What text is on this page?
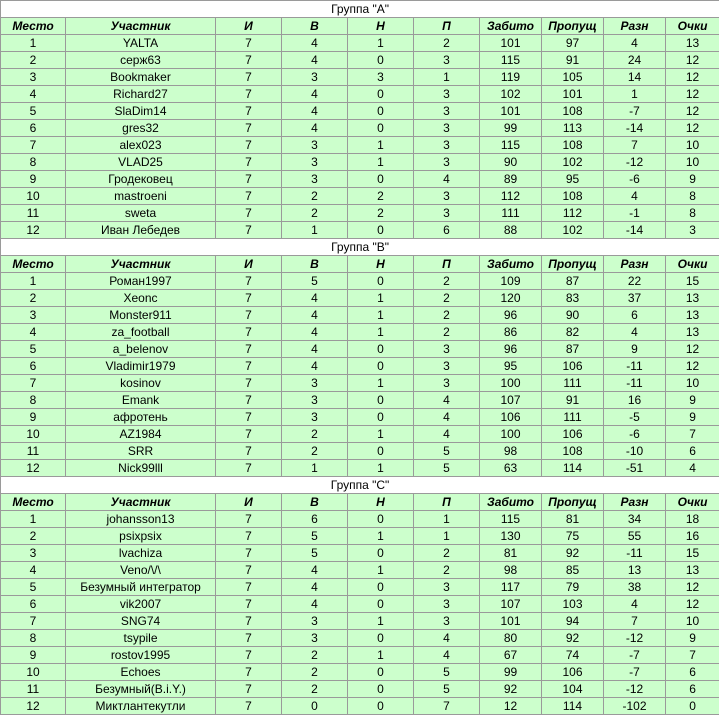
Группа "A"									
Место	Участник	И	В	Н	П	Забито	Пропущ	Разн	Очки
1	YALTA	7	4	1	2	101	97	4	13
2	серж63	7	4	0	3	115	91	24	12
3	Bookmaker	7	3	3	1	119	105	14	12
4	Richard27	7	4	0	3	102	101	1	12
5	SlaDim14	7	4	0	3	101	108	-7	12
6	gres32	7	4	0	3	99	113	-14	12
7	alex023	7	3	1	3	115	108	7	10
8	VLAD25	7	3	1	3	90	102	-12	10
9	Гродековец	7	3	0	4	89	95	-6	9
10	mastroeni	7	2	2	3	112	108	4	8
11	sweta	7	2	2	3	111	112	-1	8
12	Иван Лебедев	7	1	0	6	88	102	-14	3
Группа "B"									
Место	Участник	И	В	Н	П	Забито	Пропущ	Разн	Очки
1	Роман1997	7	5	0	2	109	87	22	15
2	Xeonc	7	4	1	2	120	83	37	13
3	Monster911	7	4	1	2	96	90	6	13
4	za_football	7	4	1	2	86	82	4	13
5	a_belenov	7	4	0	3	96	87	9	12
6	Vladimir1979	7	4	0	3	95	106	-11	12
7	kosinov	7	3	1	3	100	111	-11	10
8	Emank	7	3	0	4	107	91	16	9
9	афротень	7	3	0	4	106	111	-5	9
10	AZ1984	7	2	1	4	100	106	-6	7
11	SRR	7	2	0	5	98	108	-10	6
12	Nick99lll	7	1	1	5	63	114	-51	4
Группа "C"									
Место	Участник	И	В	Н	П	Забито	Пропущ	Разн	Очки
1	johansson13	7	6	0	1	115	81	34	18
2	psixpsix	7	5	1	1	130	75	55	16
3	lvachiza	7	5	0	2	81	92	-11	15
4	Veno/\/\	7	4	1	2	98	85	13	13
5	Безумный интегратор	7	4	0	3	117	79	38	12
6	vik2007	7	4	0	3	107	103	4	12
7	SNG74	7	3	1	3	101	94	7	10
8	tsypile	7	3	0	4	80	92	-12	9
9	rostov1995	7	2	1	4	67	74	-7	7
10	Echoes	7	2	0	5	99	106	-7	6
11	Безумный(B.i.Y.)	7	2	0	5	92	104	-12	6
12	Миктлантекутли	7	0	0	7	12	114	-102	0
